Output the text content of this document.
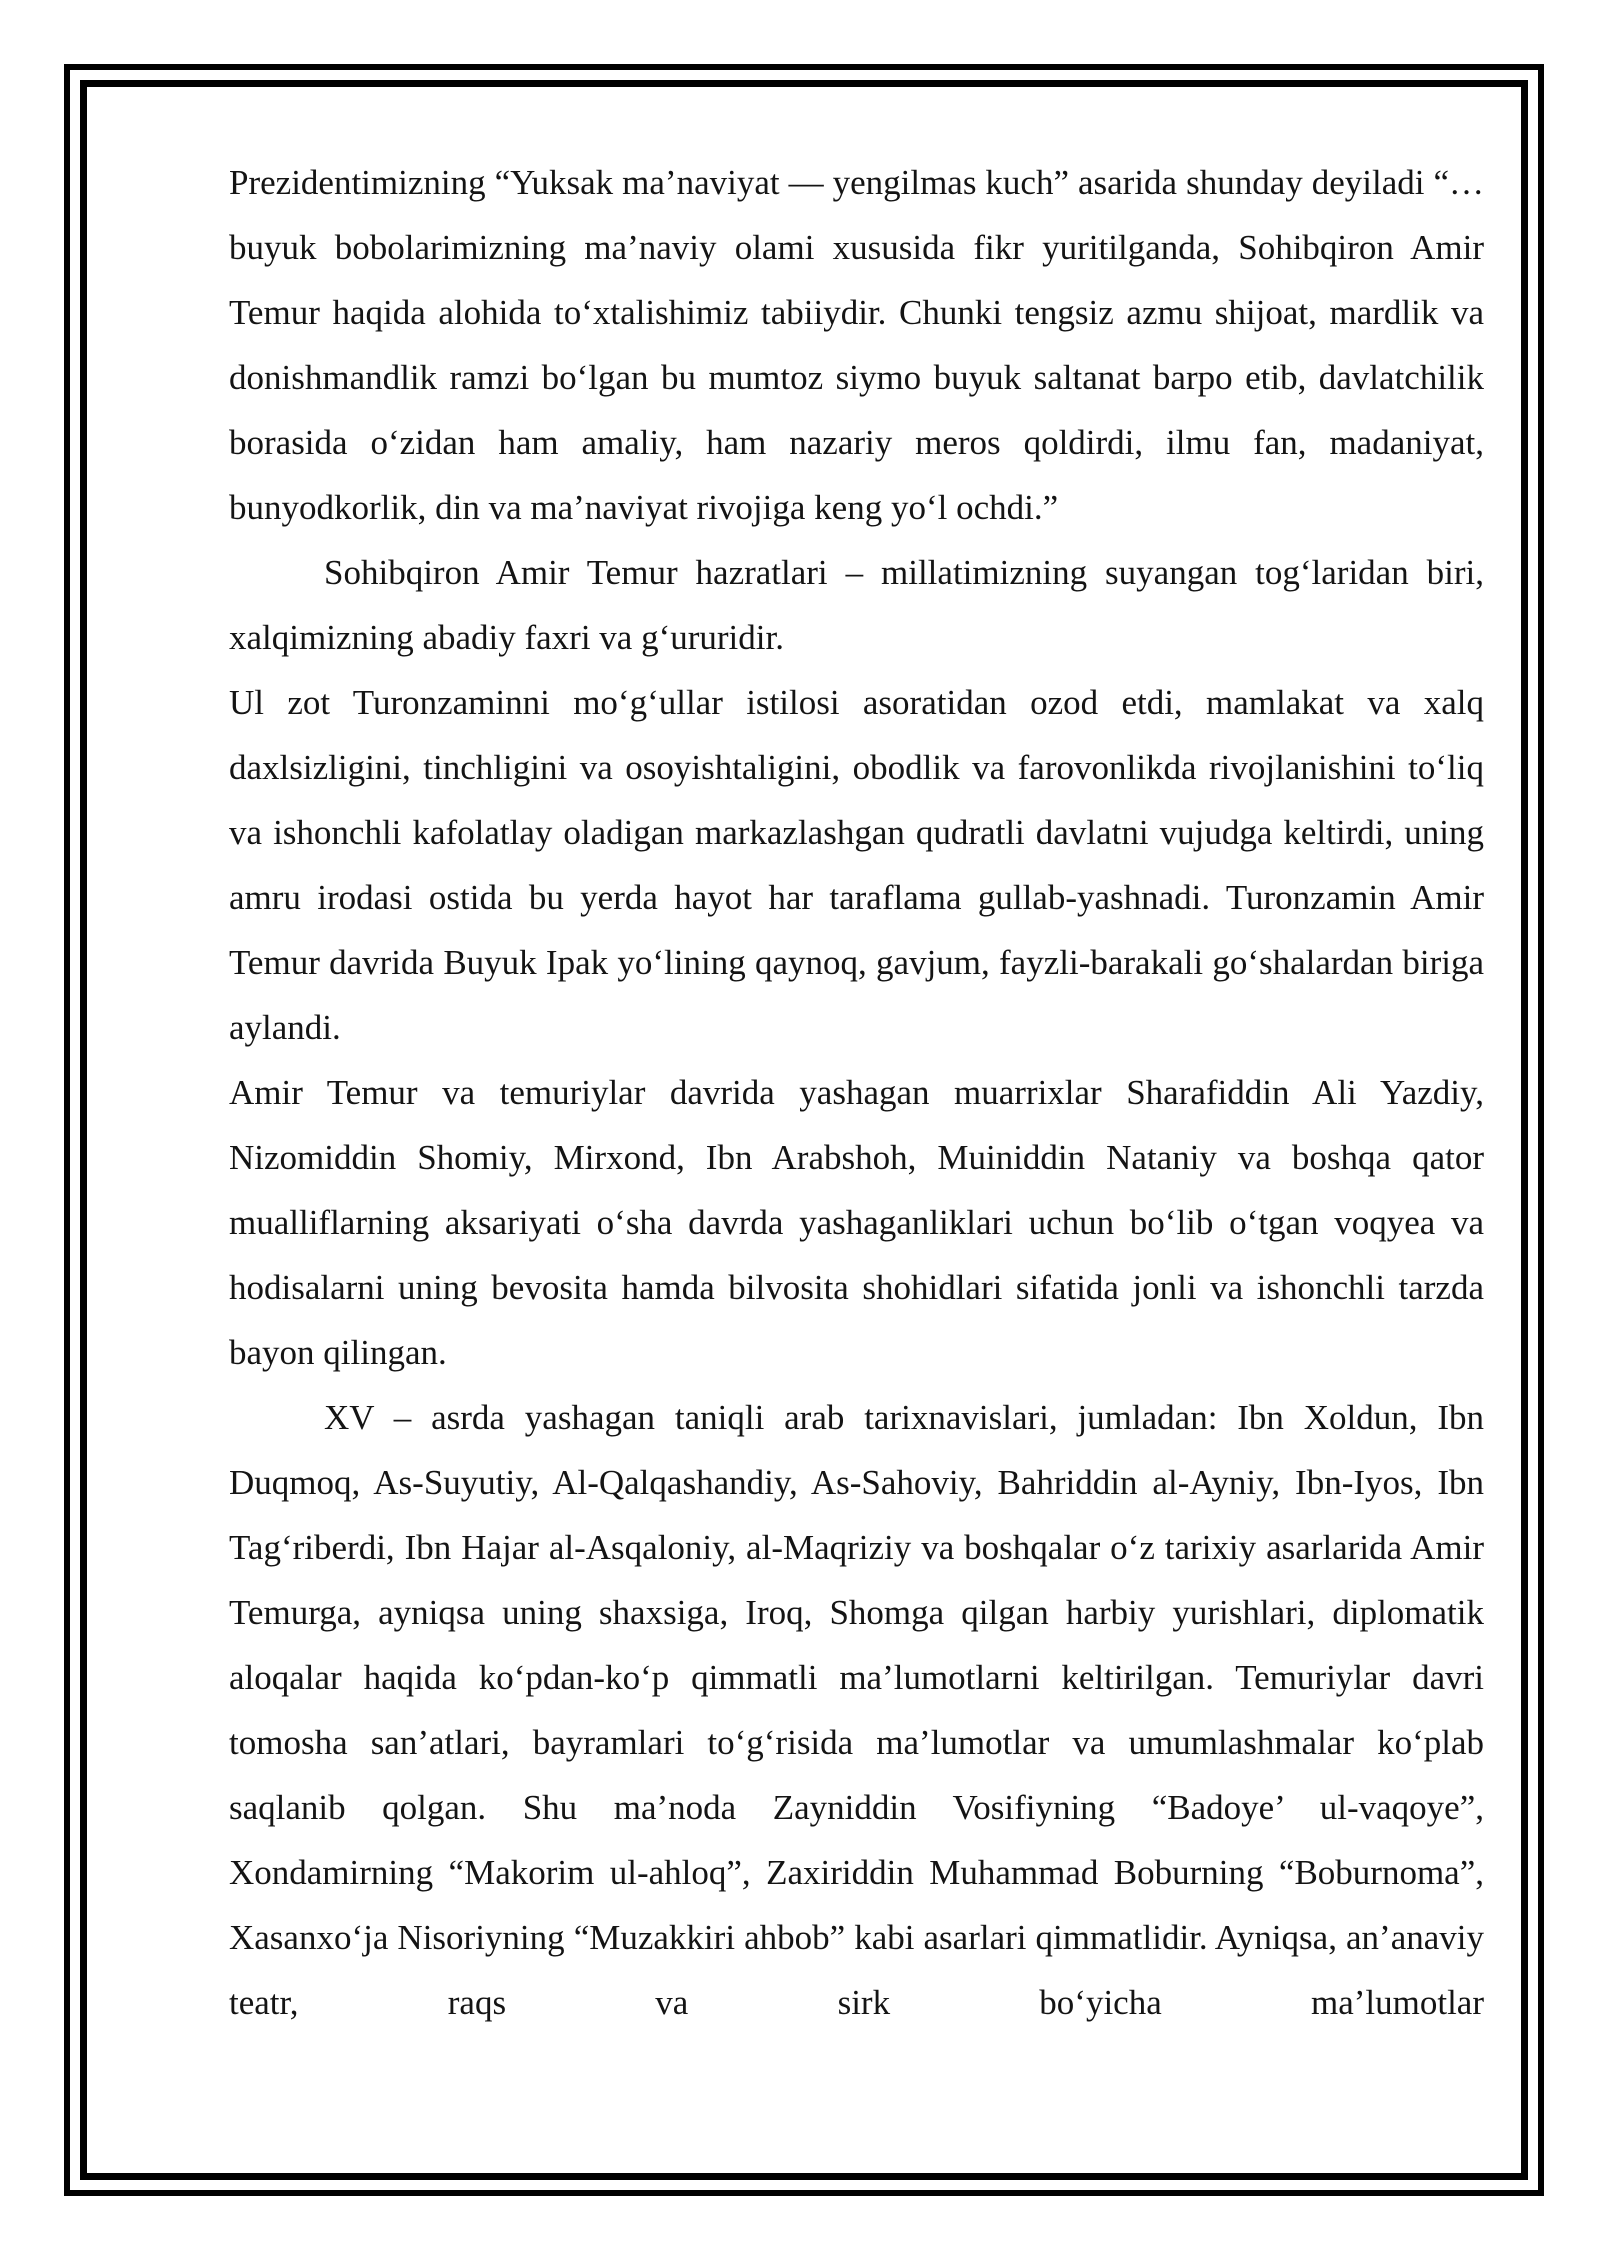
Prezidentimizning “Yuksak ma’naviyat — yengilmas kuch” asarida shunday deyiladi “… buyuk bobolarimizning ma’naviy olami xususida fikr yuritilganda, Sohibqiron Amir Temur haqida alohida to‘xtalishimiz tabiiydir. Chunki tengsiz azmu shijoat, mardlik va donishmandlik ramzi bo‘lgan bu mumtoz siymo buyuk saltanat barpo etib, davlatchilik borasida o‘zidan ham amaliy, ham nazariy meros qoldirdi, ilmu fan, madaniyat, bunyodkorlik, din va ma’naviyat rivojiga keng yo‘l ochdi.”

Sohibqiron Amir Temur hazratlari – millatimizning suyangan tog‘laridan biri, xalqimizning abadiy faxri va g‘ururidir.

Ul zot Turonzaminni mo‘g‘ullar istilosi asoratidan ozod etdi, mamlakat va xalq daxlsizligini, tinchligini va osoyishtaligini, obodlik va farovonlikda rivojlanishini to‘liq va ishonchli kafolatlay oladigan markazlashgan qudratli davlatni vujudga keltirdi, uning amru irodasi ostida bu yerda hayot har taraflama gullab-yashnadi. Turonzamin Amir Temur davrida Buyuk Ipak yo‘lining qaynoq, gavjum, fayzli-barakali go‘shalardan biriga aylandi.

Amir Temur va temuriylar davrida yashagan muarrixlar Sharafiddin Ali Yazdiy, Nizomiddin Shomiy, Mirxond, Ibn Arabshoh, Muiniddin Nataniy va boshqa qator mualliflarning aksariyati o‘sha davrda yashaganliklari uchun bo‘lib o‘tgan voqyea va hodisalarni uning bevosita hamda bilvosita shohidlari sifatida jonli va ishonchli tarzda bayon qilingan.

XV – asrda yashagan taniqli arab tarixnavislari, jumladan: Ibn Xoldun, Ibn Duqmoq, As-Suyutiy, Al-Qalqashandiy, As-Sahoviy, Bahriddin al-Ayniy, Ibn-Iyos, Ibn Tag‘riberdi, Ibn Hajar al-Asqaloniy, al-Maqriziy va boshqalar o‘z tarixiy asarlarida Amir Temurga, ayniqsa uning shaxsiga, Iroq, Shomga qilgan harbiy yurishlari, diplomatik aloqalar haqida ko‘pdan-ko‘p qimmatli ma’lumotlarni keltirilgan. Temuriylar davri tomosha san’atlari, bayramlari to‘g‘risida ma’lumotlar va umumlashmalar ko‘plab saqlanib qolgan. Shu ma’noda Zayniddin Vosifiyning “Badoye’ ul-vaqoye”, Xondamirning “Makorim ul-ahloq”, Zaxiriddin Muhammad Boburning “Boburnoma”, Xasanxo‘ja Nisoriyning “Muzakkiri ahbob” kabi asarlari qimmatlidir. Ayniqsa, an’anaviy teatr, raqs va sirk bo‘yicha ma’lumotlar
